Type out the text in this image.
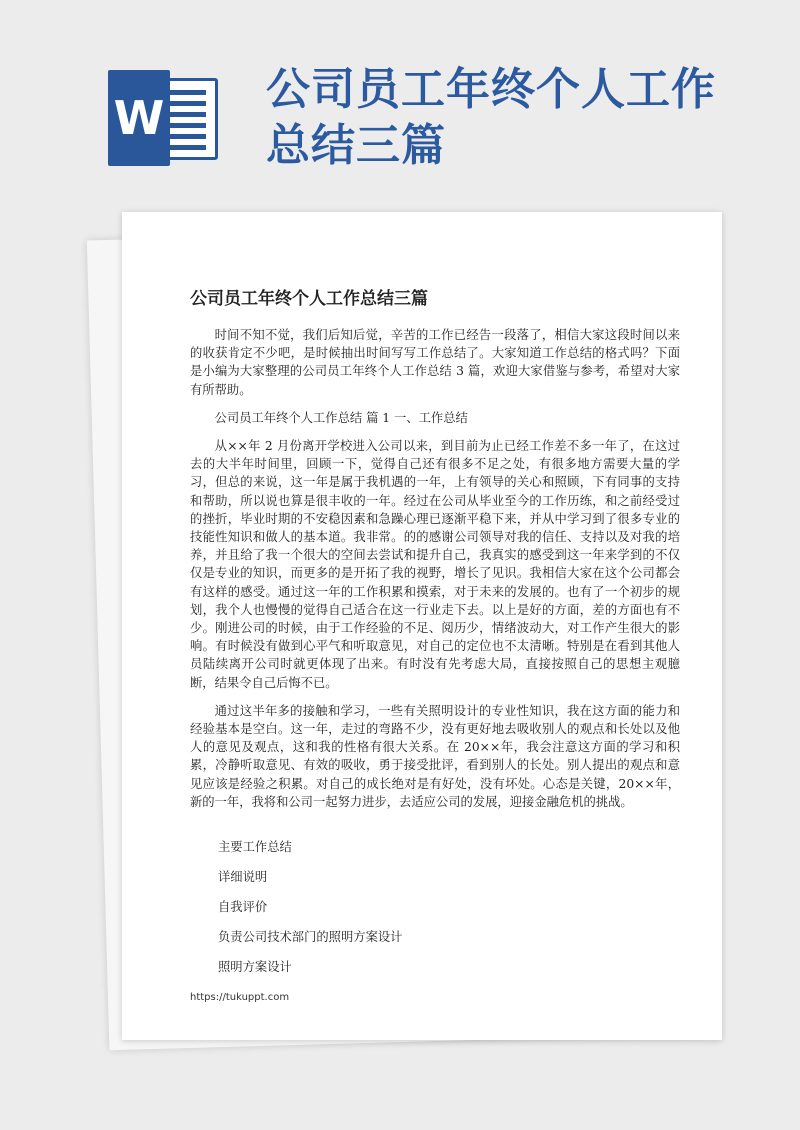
W
公司员工年终个人工作总结三篇
公司员工年终个人工作总结三篇

时间不知不觉，我们后知后觉，辛苦的工作已经告一段落了，相信大家这段时间以来的收获肯定不少吧，是时候抽出时间写写工作总结了。大家知道工作总结的格式吗？下面是小编为大家整理的公司员工年终个人工作总结 3 篇，欢迎大家借鉴与参考，希望对大家有所帮助。

公司员工年终个人工作总结 篇 1 一、工作总结

从××年 2 月份离开学校进入公司以来，到目前为止已经工作差不多一年了，在这过去的大半年时间里，回顾一下，觉得自己还有很多不足之处，有很多地方需要大量的学习，但总的来说，这一年是属于我机遇的一年，上有领导的关心和照顾，下有同事的支持和帮助，所以说也算是很丰收的一年。经过在公司从毕业至今的工作历练，和之前经受过的挫折，毕业时期的不安稳因素和急躁心理已逐渐平稳下来，并从中学习到了很多专业的技能性知识和做人的基本道。我非常。的的感谢公司领导对我的信任、支持以及对我的培养，并且给了我一个很大的空间去尝试和提升自己，我真实的感受到这一年来学到的不仅仅是专业的知识，而更多的是开拓了我的视野，增长了见识。我相信大家在这个公司都会有这样的感受。通过这一年的工作积累和摸索，对于未来的发展的。也有了一个初步的规划，我个人也慢慢的觉得自己适合在这一行业走下去。以上是好的方面，差的方面也有不少。刚进公司的时候，由于工作经验的不足、阅历少，情绪波动大，对工作产生很大的影响。有时候没有做到心平气和听取意见，对自己的定位也不太清晰。特别是在看到其他人员陆续离开公司时就更体现了出来。有时没有先考虑大局，直接按照自己的思想主观臆断，结果令自己后悔不已。

通过这半年多的接触和学习，一些有关照明设计的专业性知识，我在这方面的能力和经验基本是空白。这一年，走过的弯路不少，没有更好地去吸收别人的观点和长处以及他人的意见及观点，这和我的性格有很大关系。在 20××年，我会注意这方面的学习和积累，冷静听取意见、有效的吸收，勇于接受批评，看到别人的长处。别人提出的观点和意见应该是经验之积累。对自己的成长绝对是有好处，没有坏处。心态是关键，20××年，新的一年，我将和公司一起努力进步，去适应公司的发展，迎接金融危机的挑战。

主要工作总结
详细说明
自我评价
负责公司技术部门的照明方案设计
照明方案设计
https://tukuppt.com
